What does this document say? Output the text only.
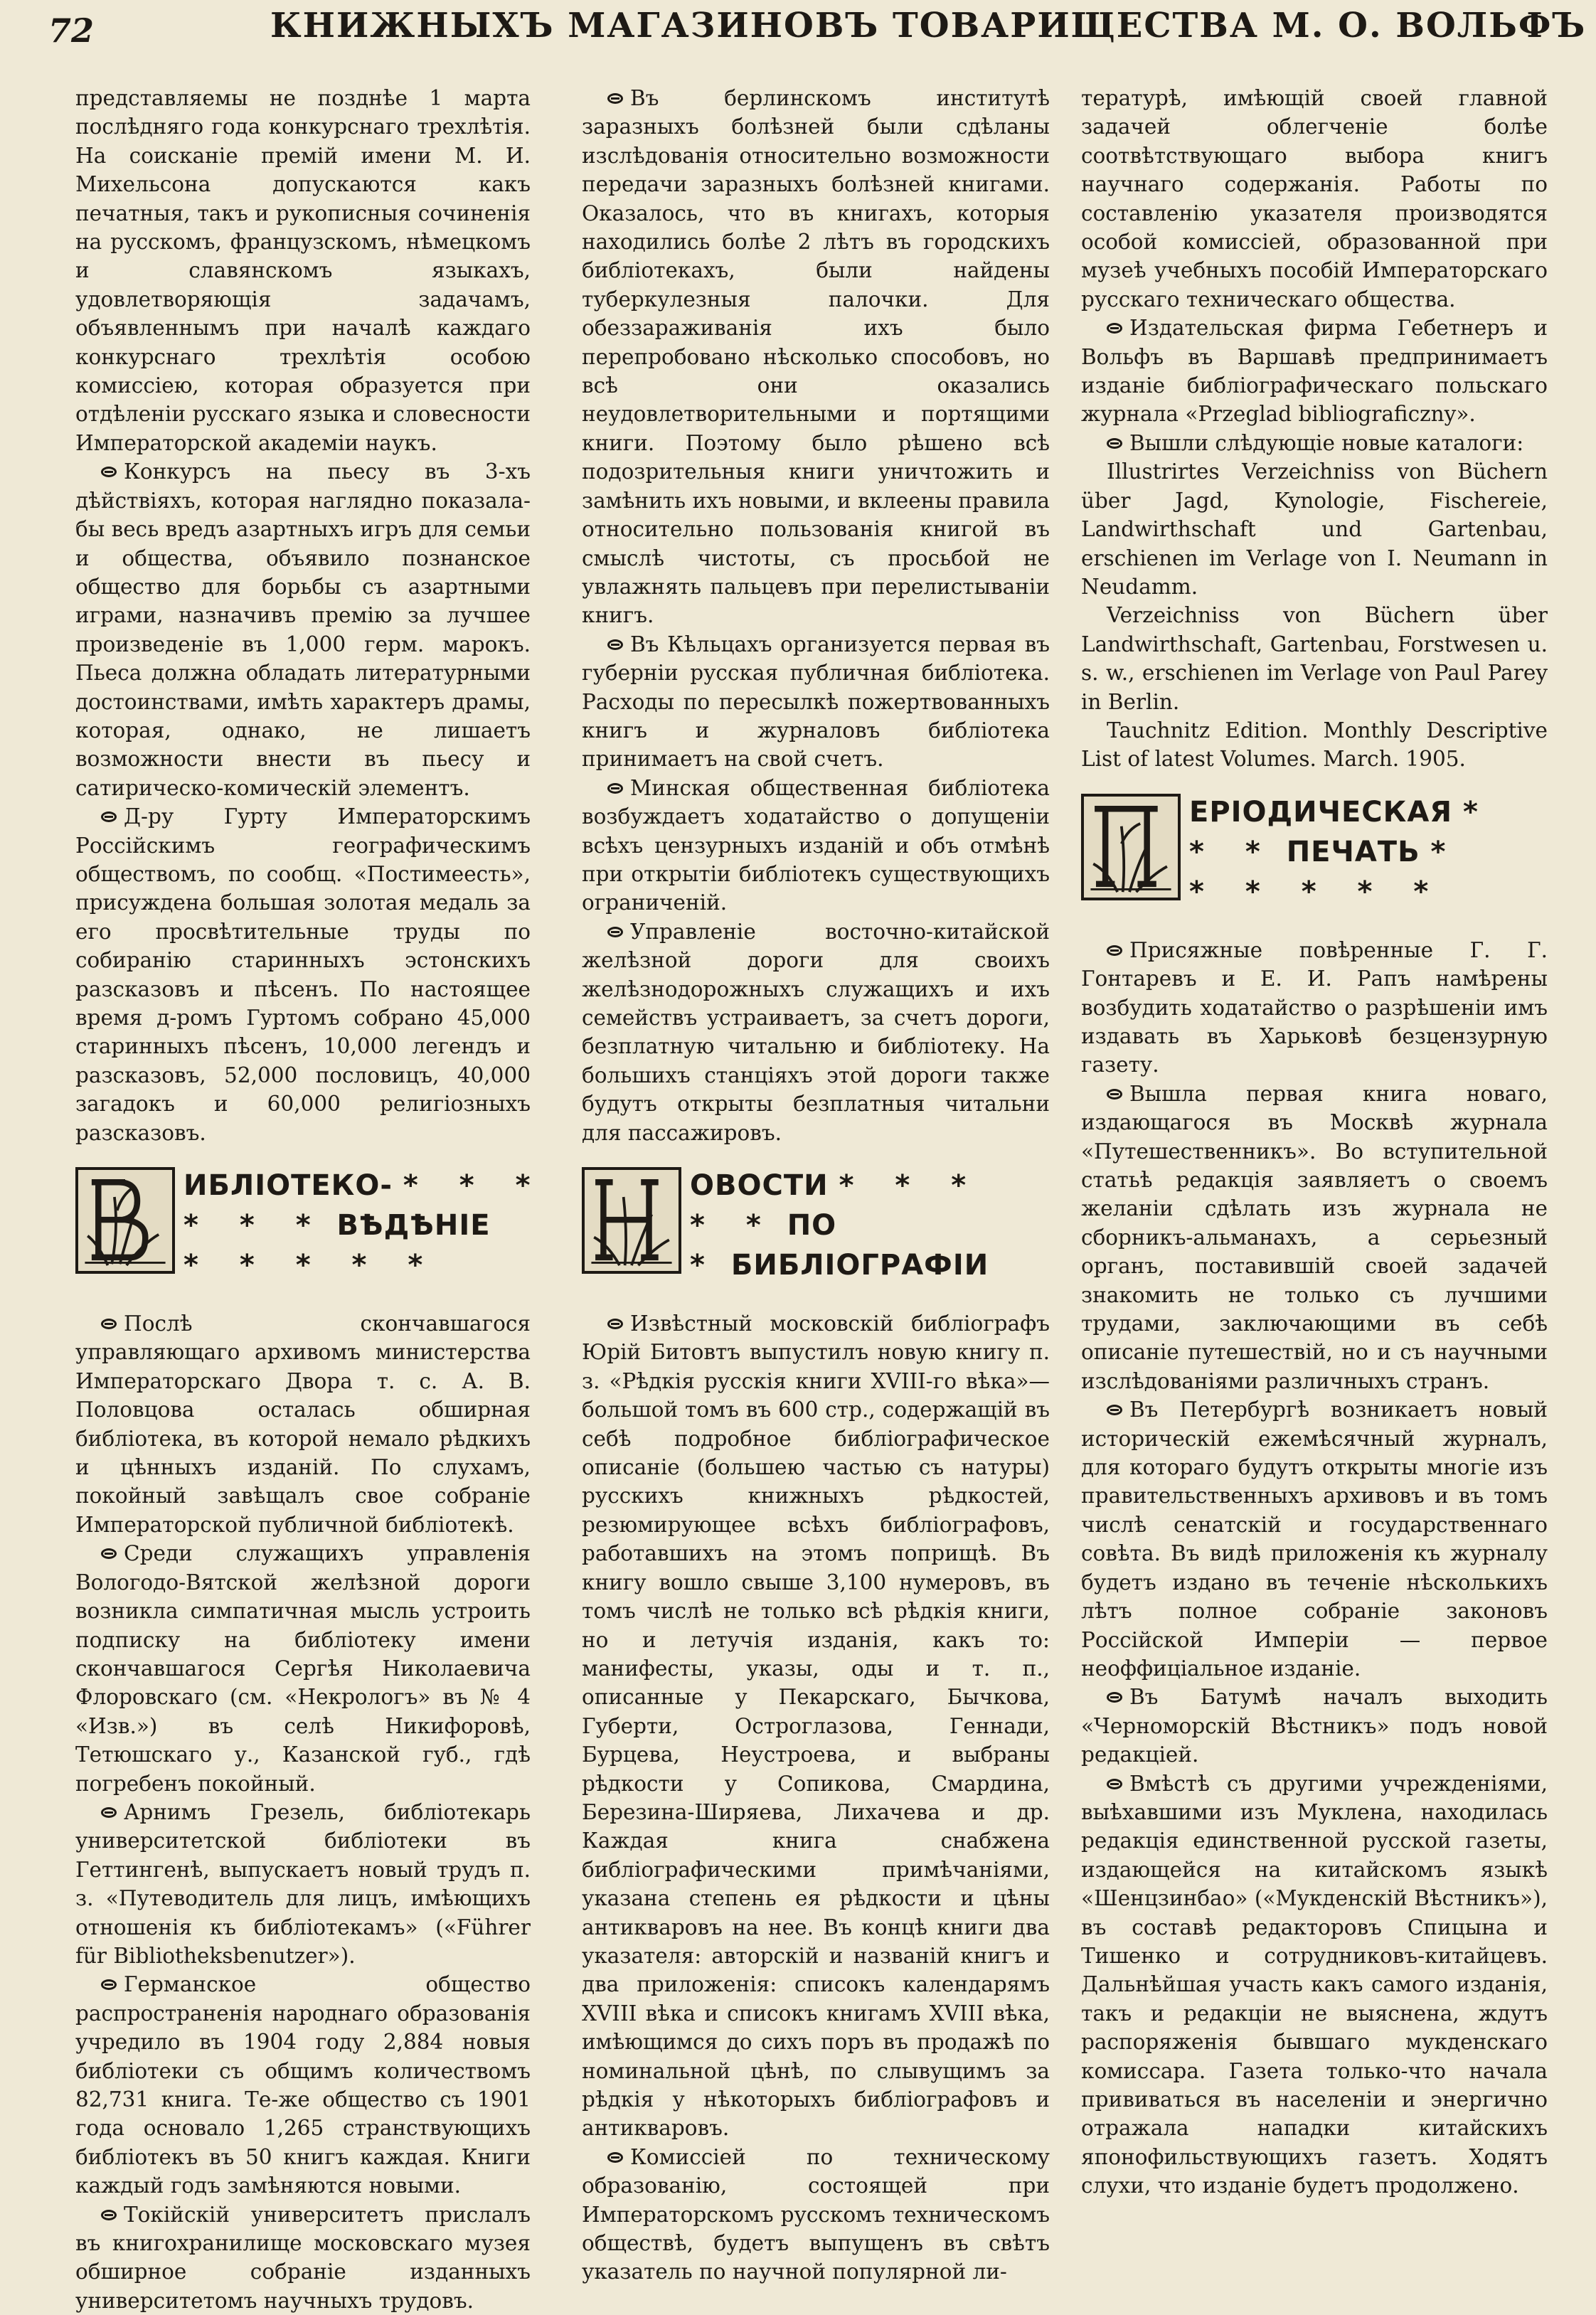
72	КНИЖНЫХЪ МАГАЗИНОВЪ ТОВАРИЩЕСТВА М. О. ВОЛЬФЪ

представляемы не позднѣе 1 марта послѣдняго года конкурснаго трехлѣтія. На соисканіе премій имени М. И. Михельсона допускаются какъ печатныя, такъ и рукописныя сочиненія на русскомъ, французскомъ, нѣмецкомъ и славянскомъ языкахъ, удовлетворяющія задачамъ, объявленнымъ при началѣ каждаго конкурснаго трехлѣтія особою комиссіею, которая образуется при отдѣленіи русскаго языка и словесности Императорской академіи наукъ.

Конкурсъ на пьесу въ 3-хъ дѣйствіяхъ, которая наглядно показала-бы весь вредъ азартныхъ игръ для семьи и общества, объявило познанское общество для борьбы съ азартными играми, назначивъ премію за лучшее произведеніе въ 1,000 герм. марокъ. Пьеса должна обладать литературными достоинствами, имѣть характеръ драмы, которая, однако, не лишаетъ возможности внести въ пьесу и сатирическо-комическій элементъ.

Д-ру Гурту Императорскимъ Россійскимъ географическимъ обществомъ, по сообщ. «Постимеесть», присуждена большая золотая медаль за его просвѣтительные труды по собиранію старинныхъ эстонскихъ разсказовъ и пѣсенъ. По настоящее время д-ромъ Гуртомъ собрано 45,000 старинныхъ пѣсенъ, 10,000 легендъ и разсказовъ, 52,000 пословицъ, 40,000 загадокъ и 60,000 религіозныхъ разсказовъ.

ИБЛІОТЕКО- * * *
* * * ВѢДѢНІЕ
* * * * *

Послѣ скончавшагося управляющаго архивомъ министерства Императорскаго Двора т. с. А. В. Половцова осталась обширная библіотека, въ которой немало рѣдкихъ и цѣнныхъ изданій. По слухамъ, покойный завѣщалъ свое собраніе Императорской публичной библіотекѣ.

Среди служащихъ управленія Вологодо-Вятской желѣзной дороги возникла симпатичная мысль устроить подписку на библіотеку имени скончавшагося Сергѣя Николаевича Флоровскаго (см. «Некрологъ» въ № 4 «Изв.») въ селѣ Никифоровѣ, Тетюшскаго у., Казанской губ., гдѣ погребенъ покойный.

Арнимъ Грезель, библіотекарь университетской библіотеки въ Геттингенѣ, выпускаетъ новый трудъ п. з. «Путеводитель для лицъ, имѣющихъ отношенія къ библіотекамъ» («Führer für Bibliotheksbenutzer»).

Германское общество распространенія народнаго образованія учредило въ 1904 году 2,884 новыя библіотеки съ общимъ количествомъ 82,731 книга. Те-же общество съ 1901 года основало 1,265 странствующихъ библіотекъ въ 50 книгъ каждая. Книги каждый годъ замѣняются новыми.

Токійскій университетъ прислалъ въ книгохранилище московскаго музея обширное собраніе изданныхъ университетомъ научныхъ трудовъ.

Въ берлинскомъ институтѣ заразныхъ болѣзней были сдѣланы изслѣдованія относительно возможности передачи заразныхъ болѣзней книгами. Оказалось, что въ книгахъ, которыя находились болѣе 2 лѣтъ въ городскихъ библіотекахъ, были найдены туберкулезныя палочки. Для обеззараживанія ихъ было перепробовано нѣсколько способовъ, но всѣ они оказались неудовлетворительными и портящими книги. Поэтому было рѣшено всѣ подозрительныя книги уничтожить и замѣнить ихъ новыми, и вклеены правила относительно пользованія книгой въ смыслѣ чистоты, съ просьбой не увлажнять пальцевъ при перелистываніи книгъ.

Въ Кѣльцахъ организуется первая въ губерніи русская публичная библіотека. Расходы по пересылкѣ пожертвованныхъ книгъ и журналовъ библіотека принимаетъ на свой счетъ.

Минская общественная библіотека возбуждаетъ ходатайство о допущеніи всѣхъ цензурныхъ изданій и объ отмѣнѣ при открытіи библіотекъ существующихъ ограниченій.

Управленіе восточно-китайской желѣзной дороги для своихъ желѣзнодорожныхъ служащихъ и ихъ семействъ устраиваетъ, за счетъ дороги, безплатную читальню и библіотеку. На большихъ станціяхъ этой дороги также будутъ открыты безплатныя читальни для пассажировъ.

ОВОСТИ * * *
* * ПО
* БИБЛІОГРАФІИ

Извѣстный московскій библіографъ Юрій Битовтъ выпустилъ новую книгу п. з. «Рѣдкія русскія книги XVIII-го вѣка»—большой томъ въ 600 стр., содержащій въ себѣ подробное библіографическое описаніе (большею частью съ натуры) русскихъ книжныхъ рѣдкостей, резюмирующее всѣхъ библіографовъ, работавшихъ на этомъ поприщѣ. Въ книгу вошло свыше 3,100 нумеровъ, въ томъ числѣ не только всѣ рѣдкія книги, но и летучія изданія, какъ то: манифесты, указы, оды и т. п., описанные у Пекарскаго, Бычкова, Губерти, Остроглазова, Геннади, Бурцева, Неустроева, и выбраны рѣдкости у Сопикова, Смардина, Березина-Ширяева, Лихачева и др. Каждая книга снабжена библіографическими примѣчаніями, указана степень ея рѣдкости и цѣны антикваровъ на нее. Въ концѣ книги два указателя: авторскій и названій книгъ и два приложенія: списокъ календарямъ XVIII вѣка и списокъ книгамъ XVIII вѣка, имѣющимся до сихъ поръ въ продажѣ по номинальной цѣнѣ, по слывущимъ за рѣдкія у нѣкоторыхъ библіографовъ и антикваровъ.

Комиссіей по техническому образованію, состоящей при Императорскомъ русскомъ техническомъ обществѣ, будетъ выпущенъ въ свѣтъ указатель по научной популярной ли-

тературѣ, имѣющій своей главной задачей облегченіе болѣе соотвѣтствующаго выбора книгъ научнаго содержанія. Работы по составленію указателя производятся особой комиссіей, образованной при музеѣ учебныхъ пособій Императорскаго русскаго техническаго общества.

Издательская фирма Гебетнеръ и Вольфъ въ Варшавѣ предпринимаетъ изданіе библіографическаго польскаго журнала «Przeglad bibliograficzny».

Вышли слѣдующіе новые каталоги:

Illustrirtes Verzeichniss von Büchern über Jagd, Kynologie, Fischereie, Landwirthschaft und Gartenbau, erschienen im Verlage von I. Neumann in Neudamm.

Verzeichniss von Büchern über Landwirthschaft, Gartenbau, Forstwesen u. s. w., erschienen im Verlage von Paul Parey in Berlin.

Tauchnitz Edition. Monthly Descriptive List of latest Volumes. March. 1905.

ЕРІОДИЧЕСКАЯ *
* * ПЕЧАТЬ *
* * * * *

Присяжные повѣренные Г. Г. Гонтаревъ и Е. И. Рапъ намѣрены возбудить ходатайство о разрѣшеніи имъ издавать въ Харьковѣ безцензурную газету.

Вышла первая книга новаго, издающагося въ Москвѣ журнала «Путешественникъ». Во вступительной статьѣ редакція заявляетъ о своемъ желаніи сдѣлать изъ журнала не сборникъ-альманахъ, а серьезный органъ, поставившій своей задачей знакомить не только съ лучшими трудами, заключающими въ себѣ описаніе путешествій, но и съ научными изслѣдованіями различныхъ странъ.

Въ Петербургѣ возникаетъ новый историческій ежемѣсячный журналъ, для котораго будутъ открыты многіе изъ правительственныхъ архивовъ и въ томъ числѣ сенатскій и государственнаго совѣта. Въ видѣ приложенія къ журналу будетъ издано въ теченіе нѣсколькихъ лѣтъ полное собраніе законовъ Россійской Имперіи — первое неоффиціальное изданіе.

Въ Батумѣ началъ выходить «Черноморскій Вѣстникъ» подъ новой редакціей.

Вмѣстѣ съ другими учрежденіями, выѣхавшими изъ Муклена, находилась редакція единственной русской газеты, издающейся на китайскомъ языкѣ «Шенцзинбао» («Мукденскій Вѣстникъ»), въ составѣ редакторовъ Спицына и Тишенко и сотрудниковъ-китайцевъ. Дальнѣйшая участь какъ самого изданія, такъ и редакціи не выяснена, ждутъ распоряженія бывшаго мукденскаго комиссара. Газета только-что начала прививаться въ населеніи и энергично отражала нападки китайскихъ японофильствующихъ газетъ. Ходятъ слухи, что изданіе будетъ продолжено.
